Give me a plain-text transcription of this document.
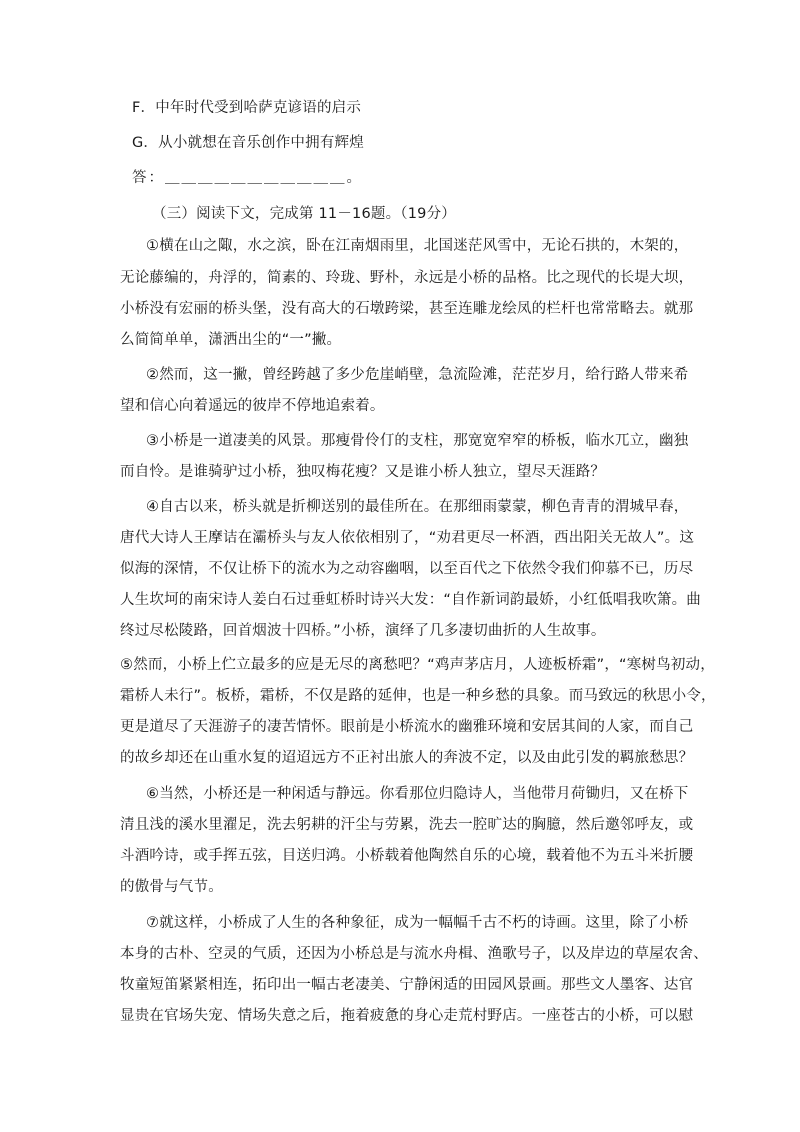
F．中年时代受到哈萨克谚语的启示
G．从小就想在音乐创作中拥有辉煌
答：＿＿＿＿＿＿＿＿＿＿＿。
（三）阅读下文，完成第 11－16题。（19分）
①横在山之陬，水之滨，卧在江南烟雨里，北国迷茫风雪中，无论石拱的，木架的，
无论藤编的，舟浮的，简素的、玲珑、野朴，永远是小桥的品格。比之现代的长堤大坝，
小桥没有宏丽的桥头堡，没有高大的石墩跨梁，甚至连雕龙绘凤的栏杆也常常略去。就那
么简简单单，潇洒出尘的“一”撇。
②然而，这一撇，曾经跨越了多少危崖峭壁，急流险滩，茫茫岁月，给行路人带来希
望和信心向着遥远的彼岸不停地追索着。
③小桥是一道凄美的风景。那瘦骨伶仃的支柱，那宽宽窄窄的桥板，临水兀立，幽独
而自怜。是谁骑驴过小桥，独叹梅花瘦？又是谁小桥人独立，望尽天涯路？
④自古以来，桥头就是折柳送别的最佳所在。在那细雨蒙蒙，柳色青青的渭城早春，
唐代大诗人王摩诘在灞桥头与友人依依相别了，“劝君更尽一杯酒，西出阳关无故人”。这
似海的深情，不仅让桥下的流水为之动容幽咽，以至百代之下依然令我们仰慕不已，历尽
人生坎坷的南宋诗人姜白石过垂虹桥时诗兴大发：“自作新词韵最娇，小红低唱我吹箫。曲
终过尽松陵路，回首烟波十四桥。”小桥，演绎了几多凄切曲折的人生故事。
⑤然而，小桥上伫立最多的应是无尽的离愁吧？“鸡声茅店月，人迹板桥霜”，“寒树鸟初动，
霜桥人未行”。板桥，霜桥，不仅是路的延伸，也是一种乡愁的具象。而马致远的秋思小令，
更是道尽了天涯游子的凄苦情怀。眼前是小桥流水的幽雅环境和安居其间的人家，而自己
的故乡却还在山重水复的迢迢远方不正衬出旅人的奔波不定，以及由此引发的羁旅愁思？
⑥当然，小桥还是一种闲适与静远。你看那位归隐诗人，当他带月荷锄归，又在桥下
清且浅的溪水里濯足，洗去躬耕的汗尘与劳累，洗去一腔旷达的胸臆，然后邀邻呼友，或
斗酒吟诗，或手挥五弦，目送归鸿。小桥载着他陶然自乐的心境，载着他不为五斗米折腰
的傲骨与气节。
⑦就这样，小桥成了人生的各种象征，成为一幅幅千古不朽的诗画。这里，除了小桥
本身的古朴、空灵的气质，还因为小桥总是与流水舟楫、渔歌号子，以及岸边的草屋农舍、
牧童短笛紧紧相连，拓印出一幅古老凄美、宁静闲适的田园风景画。那些文人墨客、达官
显贵在官场失宠、情场失意之后，拖着疲惫的身心走荒村野店。一座苍古的小桥，可以慰
